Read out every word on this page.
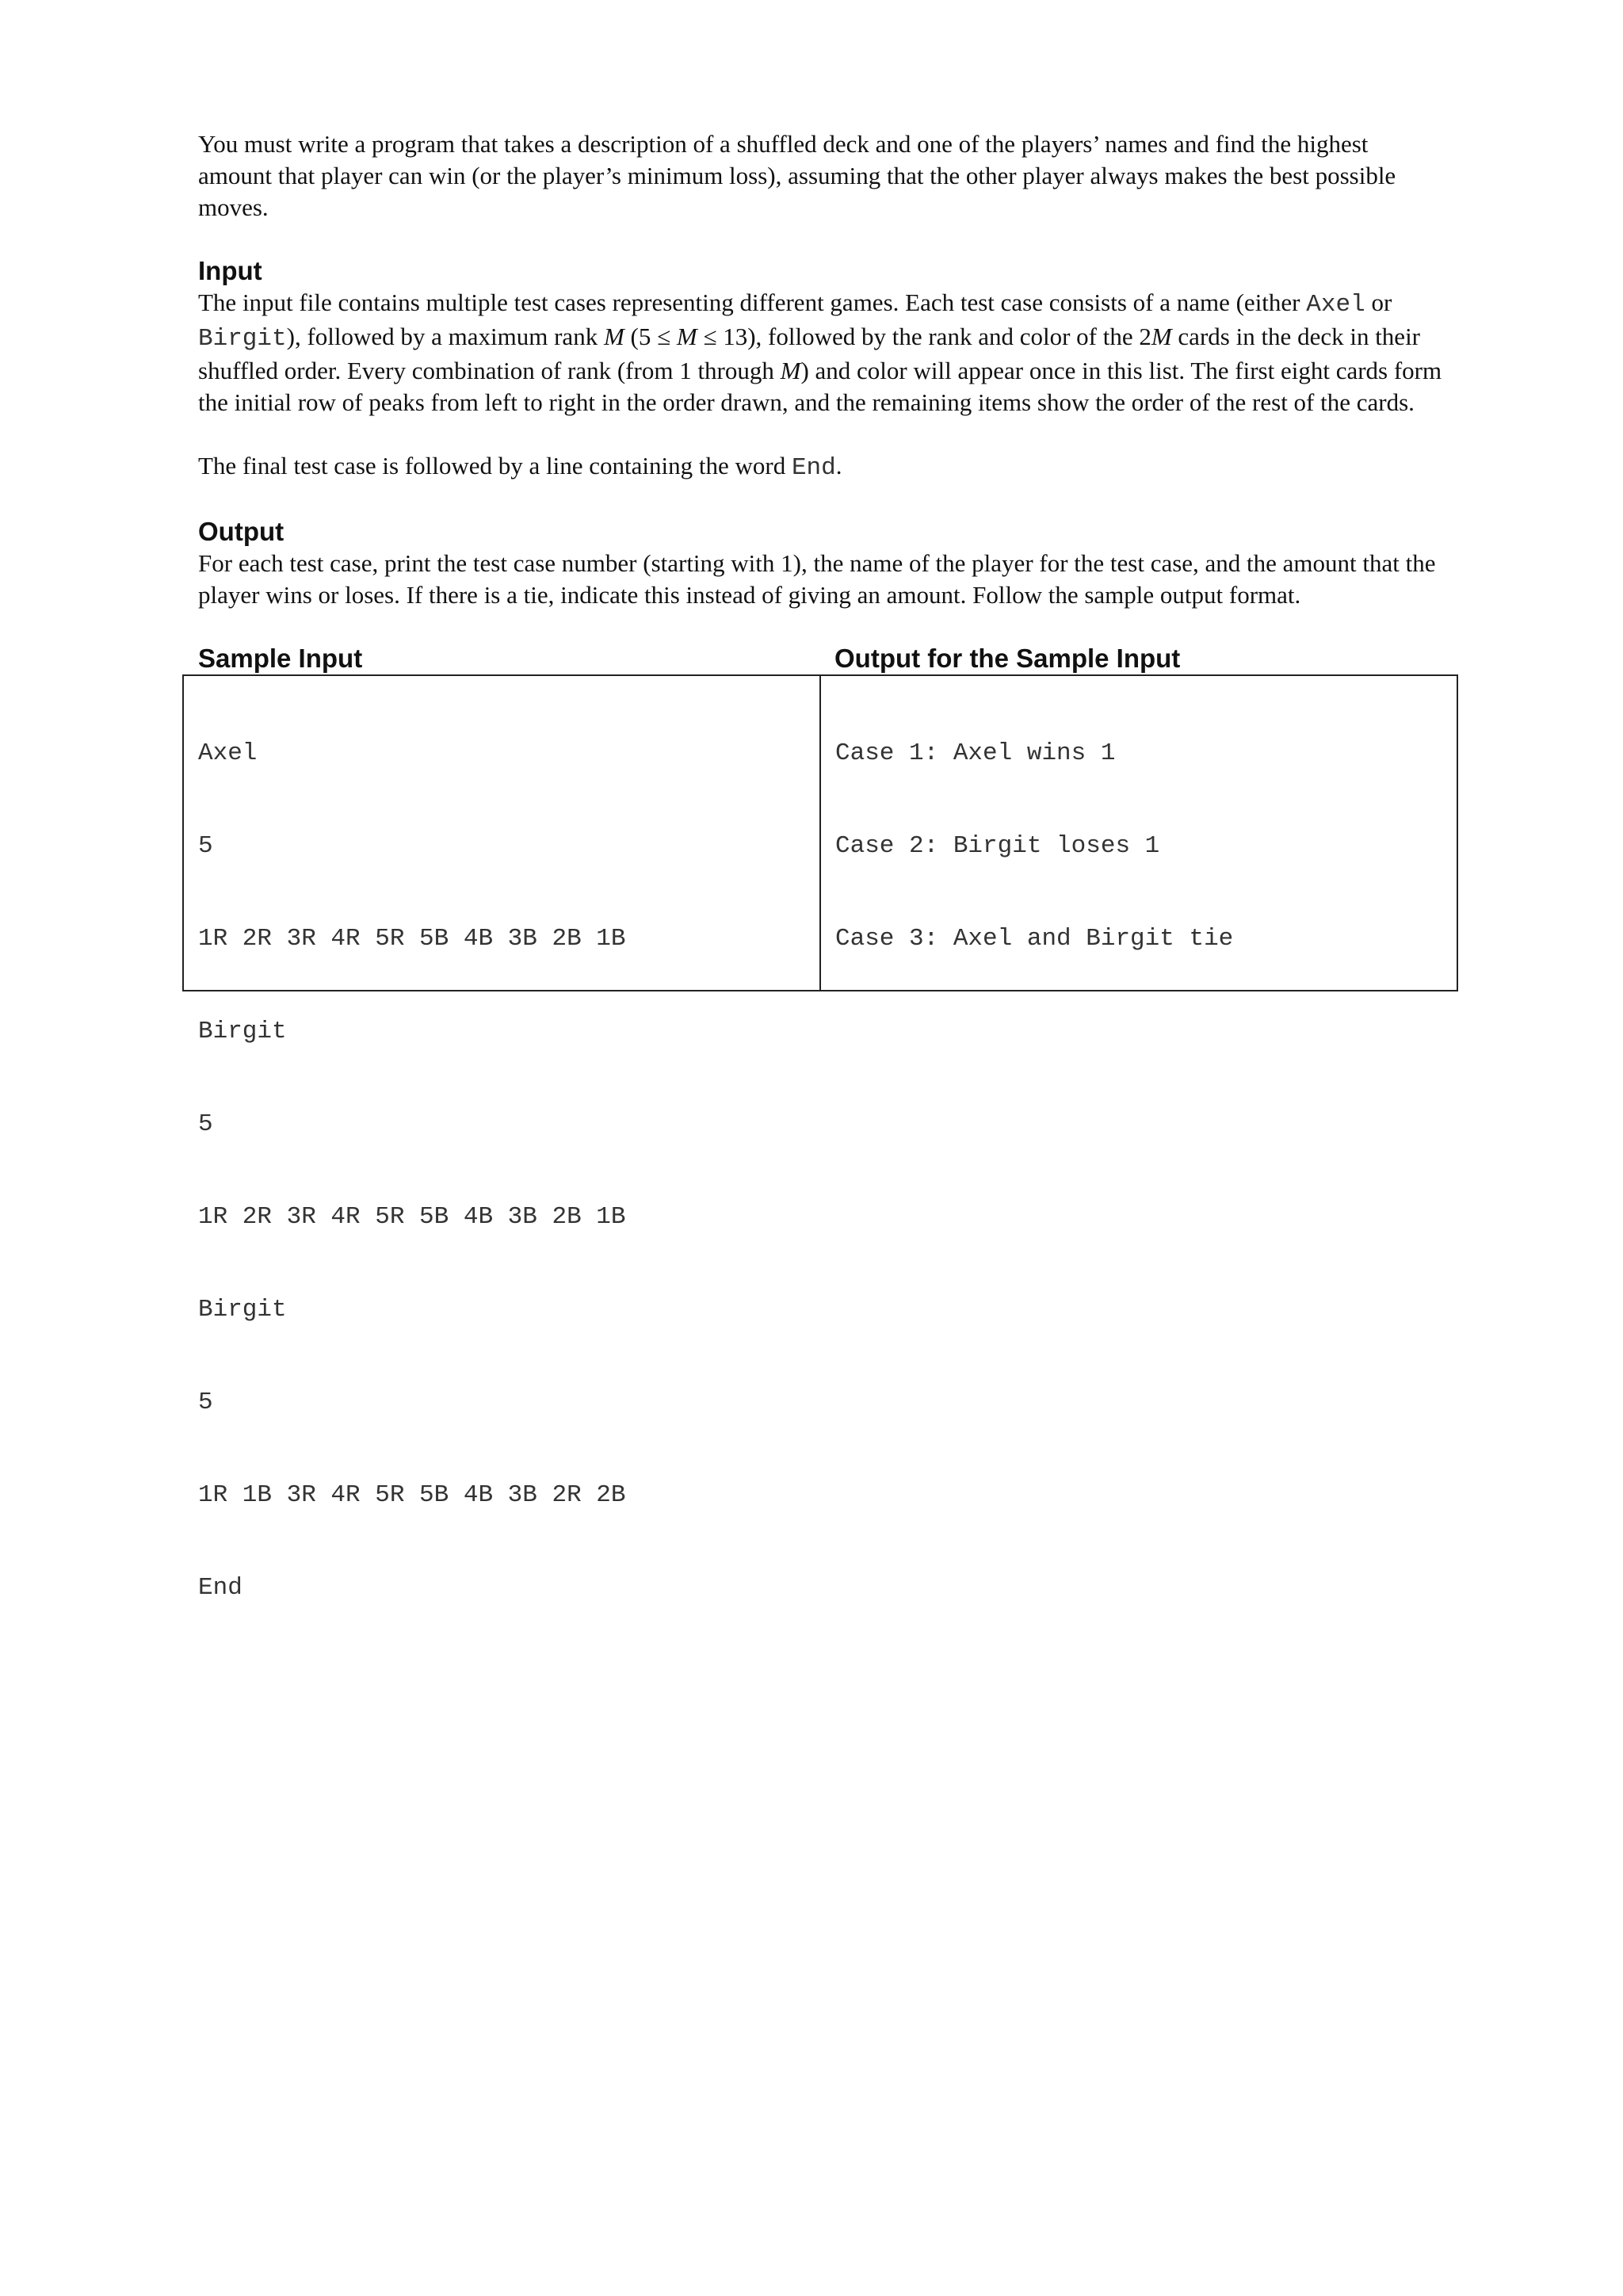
You must write a program that takes a description of a shuffled deck and one of the players’ names and find the highest amount that player can win (or the player’s minimum loss), assuming that the other player always makes the best possible moves.

Input

The input file contains multiple test cases representing different games. Each test case consists of a name (either Axel or Birgit), followed by a maximum rank M (5 ≤ M ≤ 13), followed by the rank and color of the 2M cards in the deck in their shuffled order. Every combination of rank (from 1 through M) and color will appear once in this list. The first eight cards form the initial row of peaks from left to right in the order drawn, and the remaining items show the order of the rest of the cards.

The final test case is followed by a line containing the word End.

Output

For each test case, print the test case number (starting with 1), the name of the player for the test case, and the amount that the player wins or loses. If there is a tie, indicate this instead of giving an amount. Follow the sample output format.

Sample Input	Output for the Sample Input

Axel

5

1R 2R 3R 4R 5R 5B 4B 3B 2B 1B

Birgit

5

1R 2R 3R 4R 5R 5B 4B 3B 2B 1B

Birgit

5

1R 1B 3R 4R 5R 5B 4B 3B 2R 2B

End

Case 1: Axel wins 1

Case 2: Birgit loses 1

Case 3: Axel and Birgit tie
